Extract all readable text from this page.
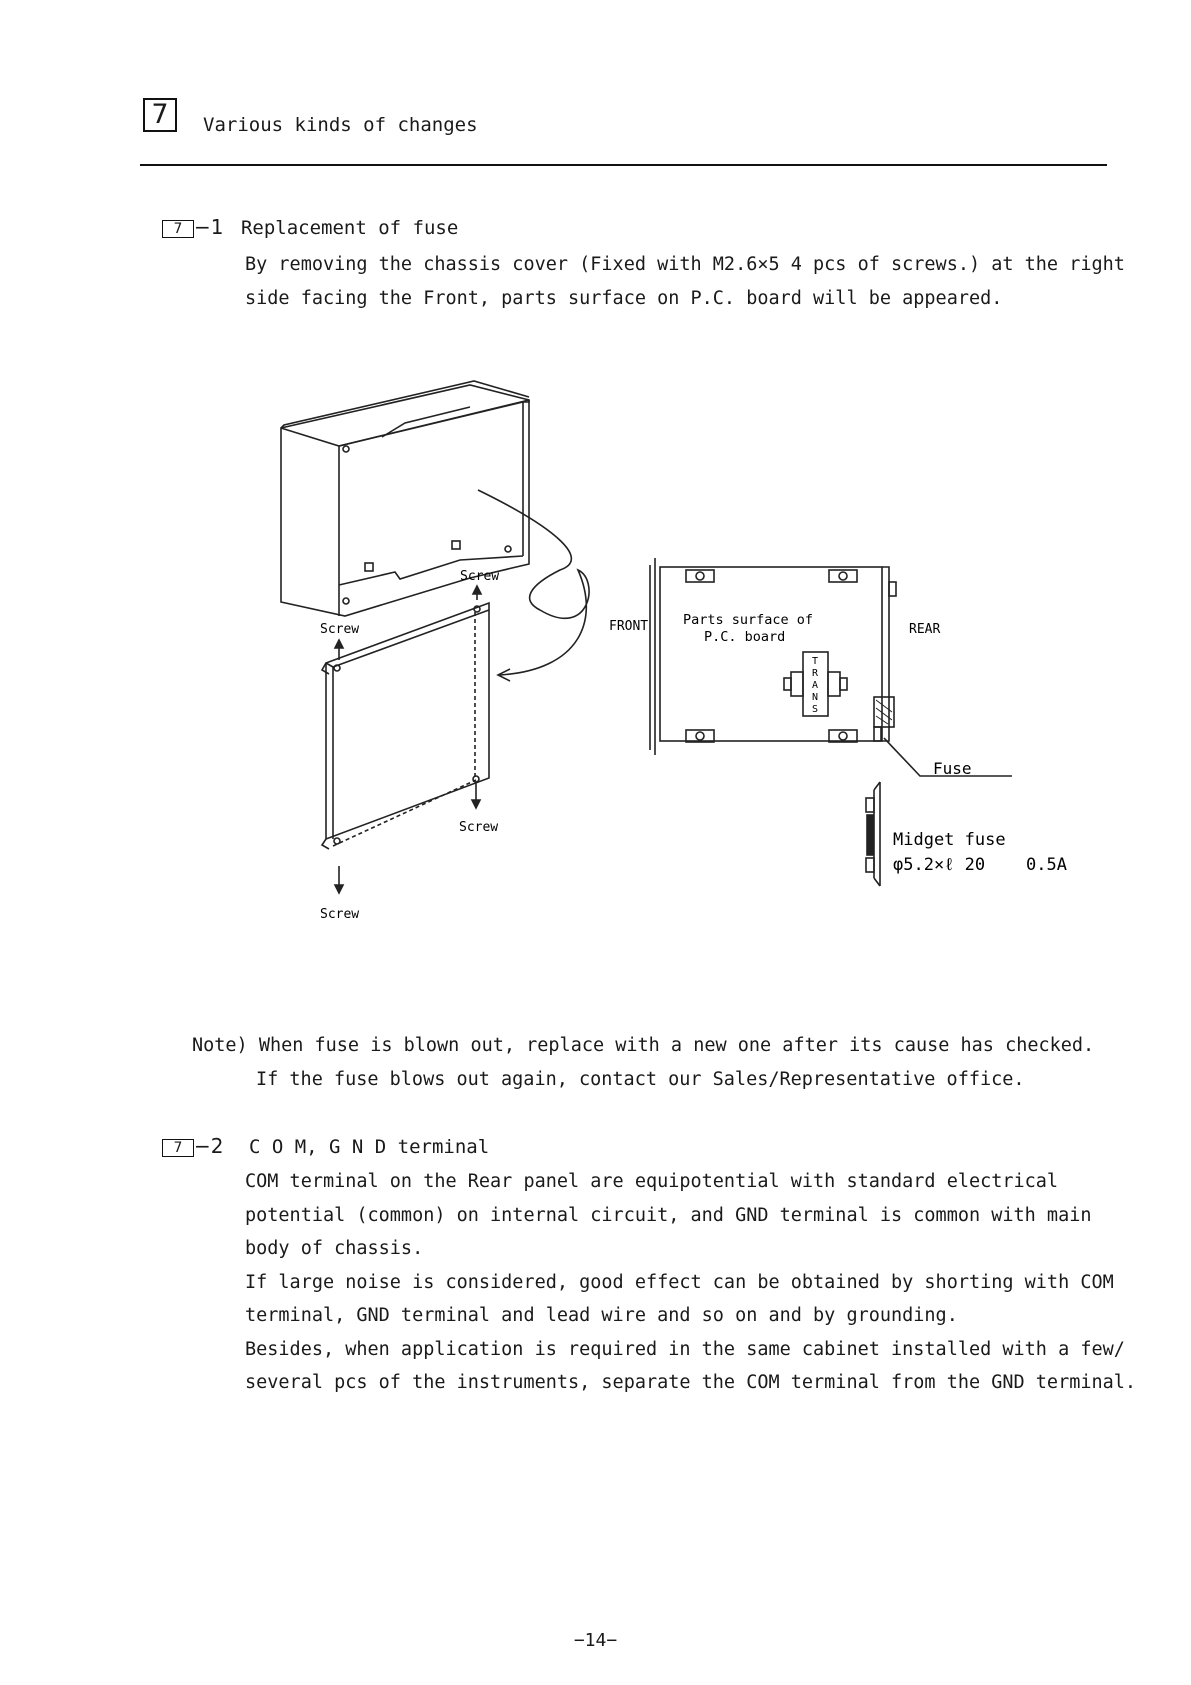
7	Various kinds of changes
7 −1 Replacement of fuse
By removing the chassis cover (Fixed with M2.6×5 4 pcs of screws.) at the right
side facing the Front, parts surface on P.C. board will be appeared.
Screw
Screw
Screw
Screw
FRONT	REAR
Parts surface of
P.C. board
T
R
A
N
S
Fuse
Midget fuse
φ5.2×ℓ 20 0.5A
Note) When fuse is blown out, replace with a new one after its cause has checked.
If the fuse blows out again, contact our Sales/Representative office.
7 −2 C O M, G N D terminal
COM terminal on the Rear panel are equipotential with standard electrical
potential (common) on internal circuit, and GND terminal is common with main
body of chassis.
If large noise is considered, good effect can be obtained by shorting with COM
terminal, GND terminal and lead wire and so on and by grounding.
Besides, when application is required in the same cabinet installed with a few/
several pcs of the instruments, separate the COM terminal from the GND terminal.
−14−
